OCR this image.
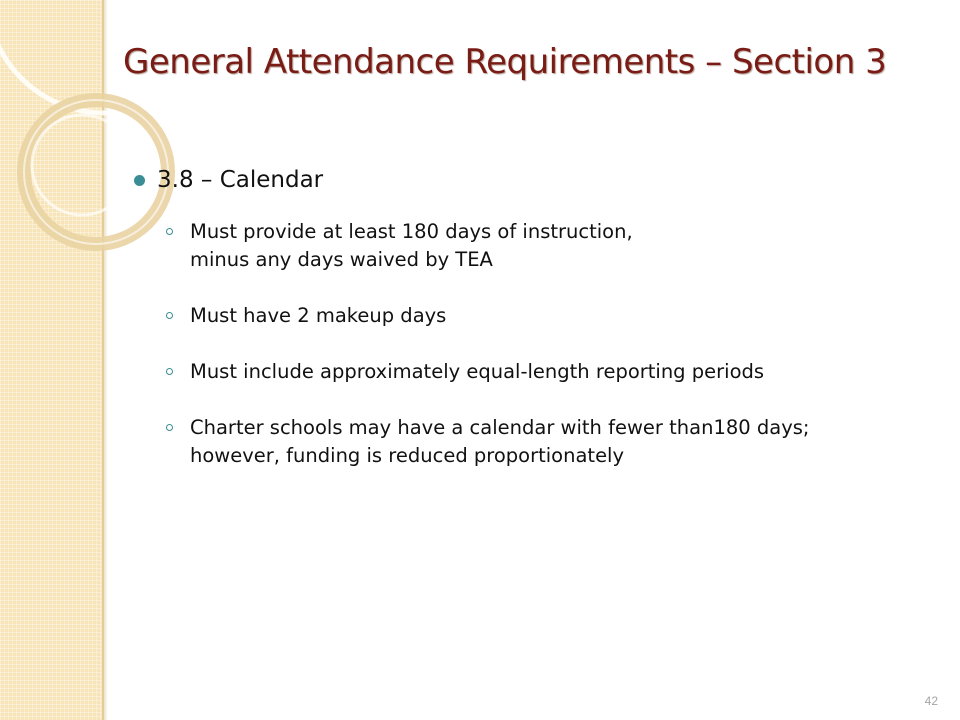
General Attendance Requirements – Section 3
3.8 – Calendar
Must provide at least 180 days of instruction,
minus any days waived by TEA
Must have 2 makeup days
Must include approximately equal-length reporting periods
Charter schools may have a calendar with fewer than180 days;
however, funding is reduced proportionately
42
